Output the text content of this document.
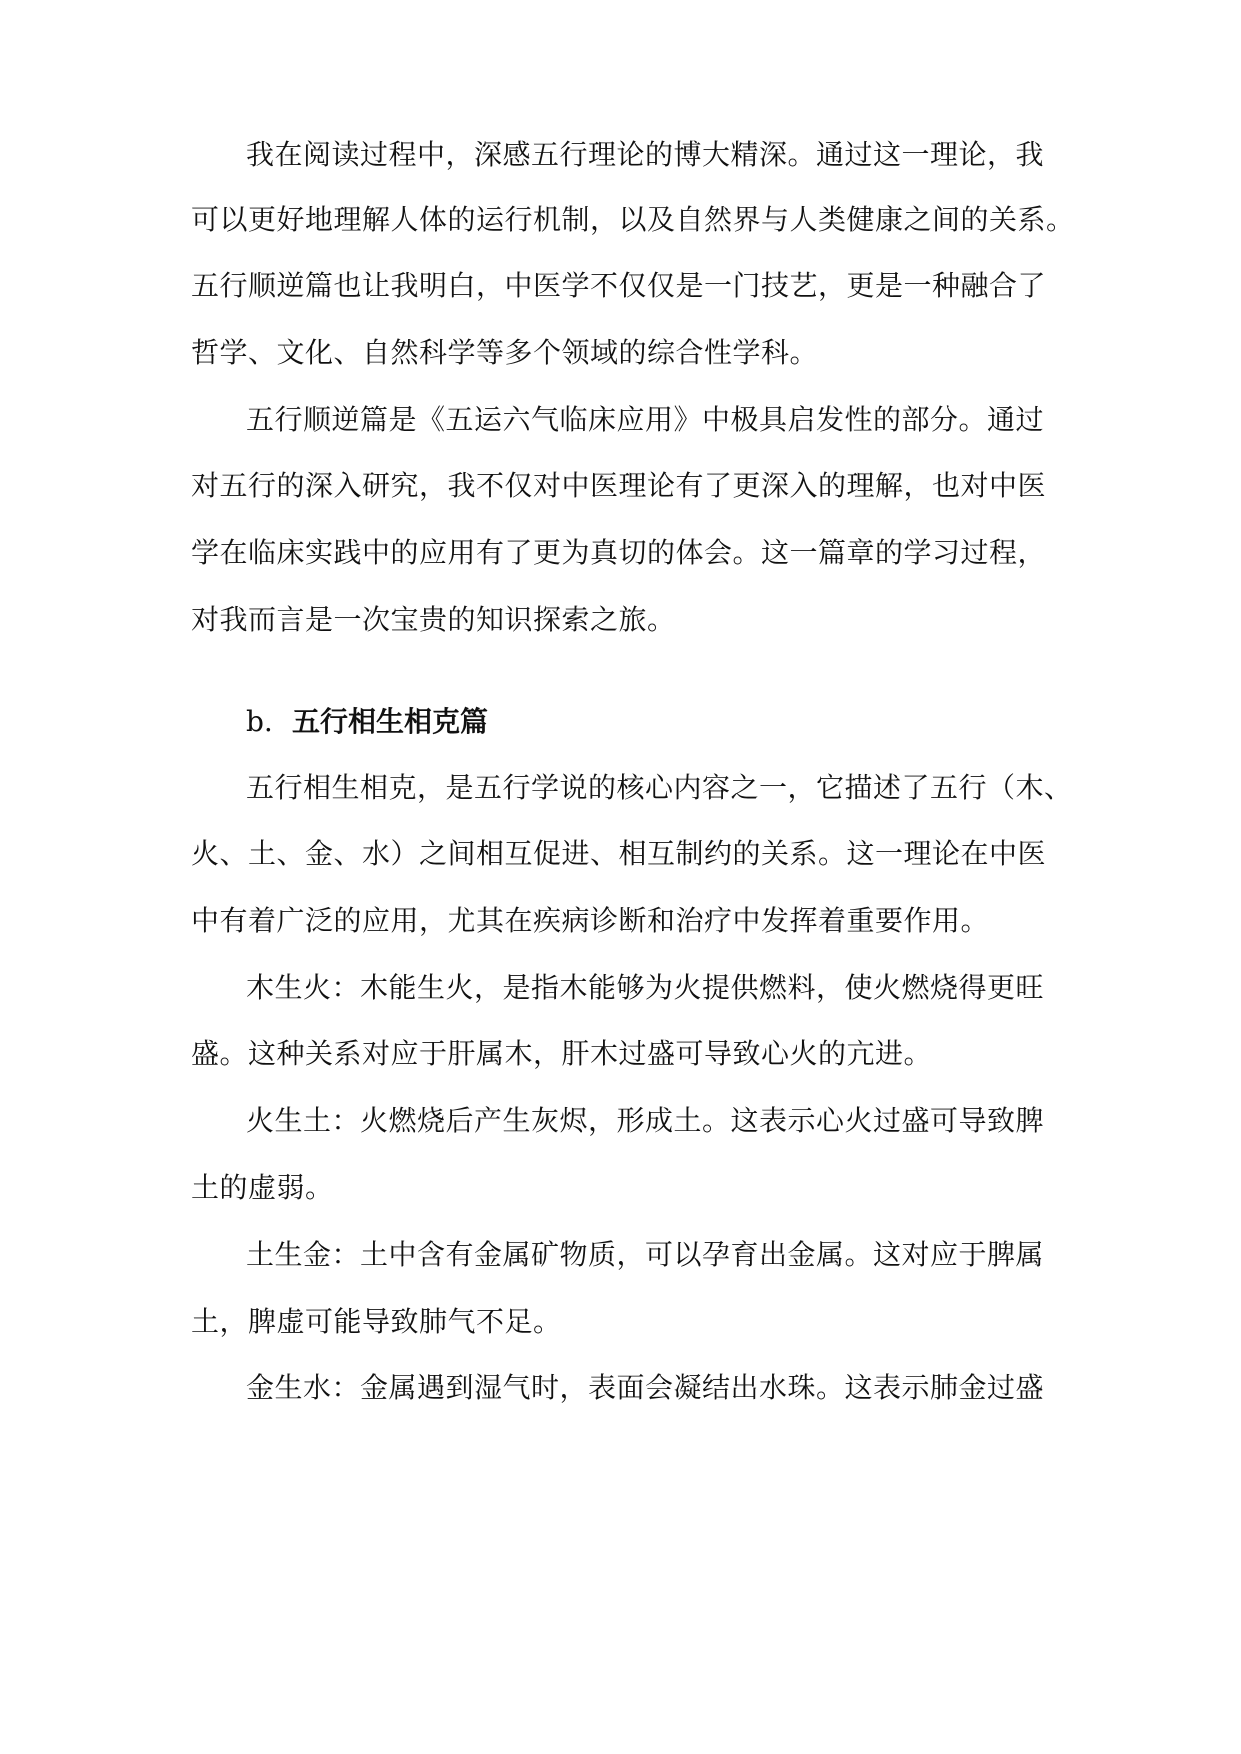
我在阅读过程中，深感五行理论的博大精深。通过这一理论，我
可以更好地理解人体的运行机制，以及自然界与人类健康之间的关系。
五行顺逆篇也让我明白，中医学不仅仅是一门技艺，更是一种融合了
哲学、文化、自然科学等多个领域的综合性学科。
五行顺逆篇是《五运六气临床应用》中极具启发性的部分。通过
对五行的深入研究，我不仅对中医理论有了更深入的理解，也对中医
学在临床实践中的应用有了更为真切的体会。这一篇章的学习过程，
对我而言是一次宝贵的知识探索之旅。
b. 五行相生相克篇
五行相生相克，是五行学说的核心内容之一，它描述了五行（木、
火、土、金、水）之间相互促进、相互制约的关系。这一理论在中医
中有着广泛的应用，尤其在疾病诊断和治疗中发挥着重要作用。
木生火：木能生火，是指木能够为火提供燃料，使火燃烧得更旺
盛。这种关系对应于肝属木，肝木过盛可导致心火的亢进。
火生土：火燃烧后产生灰烬，形成土。这表示心火过盛可导致脾
土的虚弱。
土生金：土中含有金属矿物质，可以孕育出金属。这对应于脾属
土，脾虚可能导致肺气不足。
金生水：金属遇到湿气时，表面会凝结出水珠。这表示肺金过盛
